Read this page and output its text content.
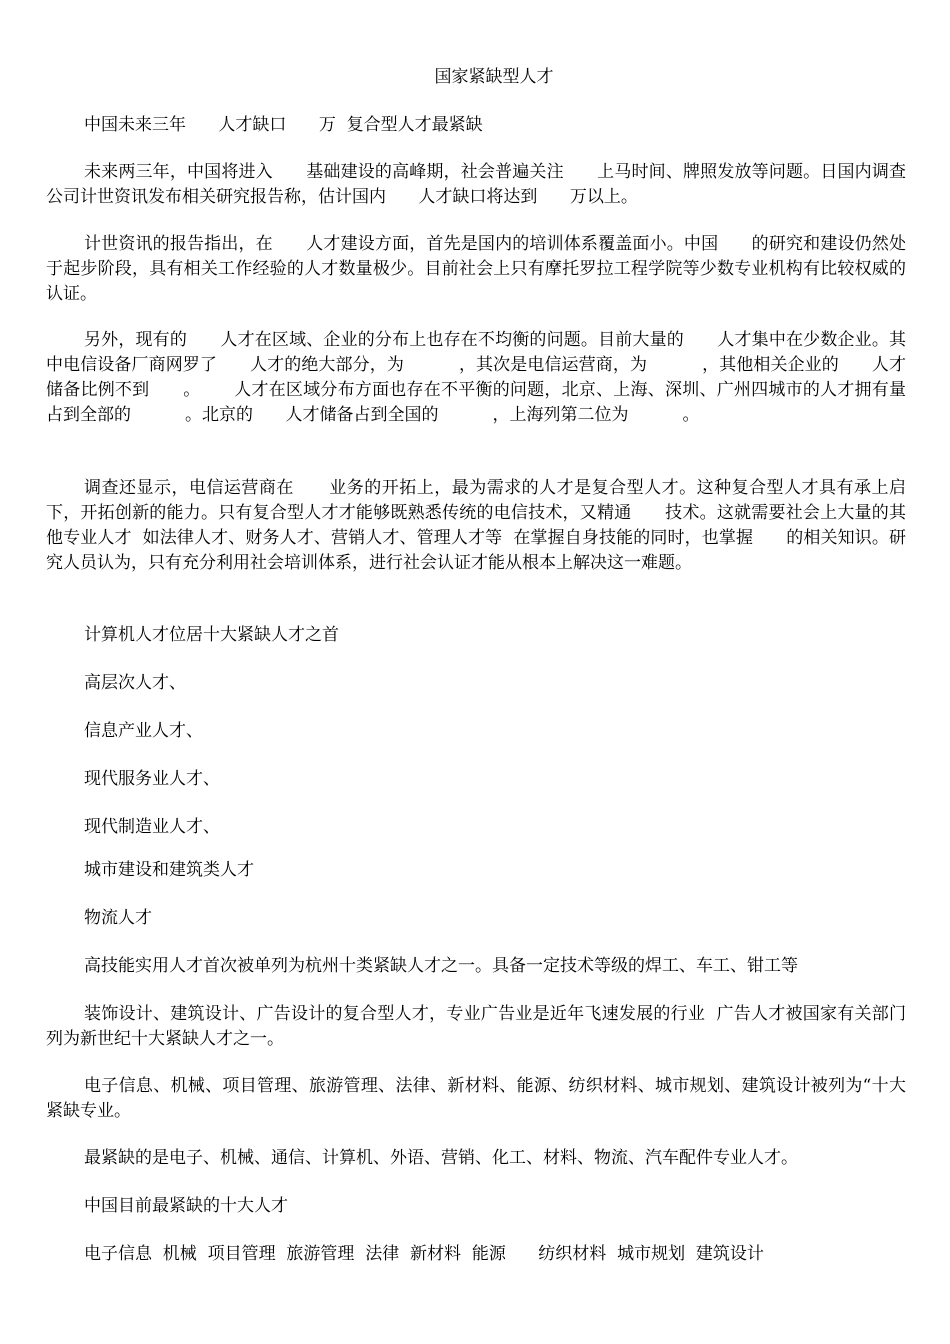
国家紧缺型人才

中国未来三年      人才缺口      万  复合型人才最紧缺

未来两三年，中国将进入      基础建设的高峰期，社会普遍关注      上马时间、牌照发放等问题。日国内调查公司计世资讯发布相关研究报告称，估计国内      人才缺口将达到      万以上。

计世资讯的报告指出，在      人才建设方面，首先是国内的培训体系覆盖面小。中国      的研究和建设仍然处于起步阶段，具有相关工作经验的人才数量极少。目前社会上只有摩托罗拉工程学院等少数专业机构有比较权威的      认证。

另外，现有的      人才在区域、企业的分布上也存在不均衡的问题。目前大量的      人才集中在少数企业。其中电信设备厂商网罗了      人才的绝大部分，为          ，其次是电信运营商，为          ，其他相关企业的      人才储备比例不到      。      人才在区域分布方面也存在不平衡的问题，北京、上海、深圳、广州四城市的人才拥有量占到全部的          。北京的      人才储备占到全国的          ，上海列第二位为          。

调查还显示，电信运营商在      业务的开拓上，最为需求的人才是复合型人才。这种复合型人才具有承上启下，开拓创新的能力。只有复合型人才才能够既熟悉传统的电信技术，又精通      技术。这就需要社会上大量的其他专业人才  如法律人才、财务人才、营销人才、管理人才等  在掌握自身技能的同时，也掌握      的相关知识。研究人员认为，只有充分利用社会培训体系，进行社会认证才能从根本上解决这一难题。

计算机人才位居十大紧缺人才之首

高层次人才、

信息产业人才、

现代服务业人才、

现代制造业人才、

城市建设和建筑类人才

物流人才

高技能实用人才首次被单列为杭州十类紧缺人才之一。具备一定技术等级的焊工、车工、钳工等

装饰设计、建筑设计、广告设计的复合型人才，专业广告业是近年飞速发展的行业  广告人才被国家有关部门列为新世纪十大紧缺人才之一。

电子信息、机械、项目管理、旅游管理、法律、新材料、能源、纺织材料、城市规划、建筑设计被列为“十大紧缺专业。

最紧缺的是电子、机械、通信、计算机、外语、营销、化工、材料、物流、汽车配件专业人才。

中国目前最紧缺的十大人才

电子信息  机械  项目管理  旅游管理  法律  新材料  能源      纺织材料  城市规划  建筑设计
